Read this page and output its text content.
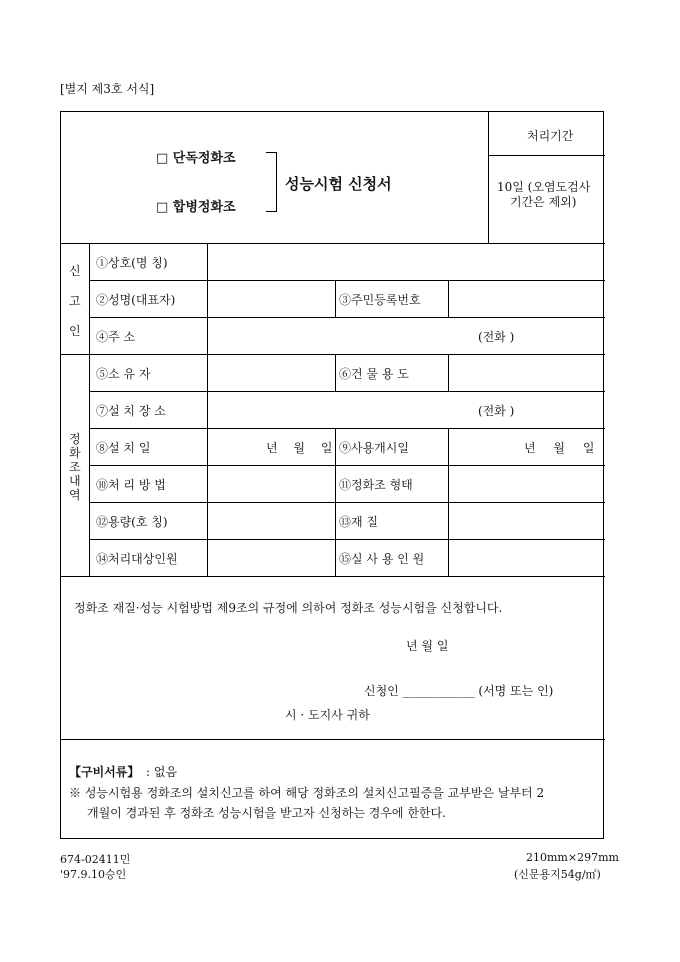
[별지 제3호 서식]
□ 단독정화조
□ 합병정화조
성능시험 신청서
처리기간
10일 (오염도검사
기간은 제외)
신
고
인
①상호(명 칭)
②성명(대표자)	③주민등록번호
④주 소	(전화 )
정
화
조
내
역
⑤소 유 자	⑥건 물 용 도
⑦설 치 장 소	(전화 )
⑧설 치 일	년 월 일 ⑨사용개시일	년 월 일
⑩처 리 방 법	⑪정화조 형태
⑫용량(호 칭)	⑬재 질
⑭처리대상인원	⑮실 사 용 인 원
정화조 재질·성능 시험방법 제9조의 규정에 의하여 정화조 성능시험을 신청합니다.
년 월 일
신청인 ____________ (서명 또는 인)
시 · 도지사 귀하
【구비서류】 : 없음
※ 성능시험용 정화조의 설치신고를 하여 해당 정화조의 설치신고필증을 교부받은 날부터 2
개월이 경과된 후 정화조 성능시험을 받고자 신청하는 경우에 한한다.
674-02411민
'97.9.10승인
210mm×297mm
(신문용지54g/㎡)
